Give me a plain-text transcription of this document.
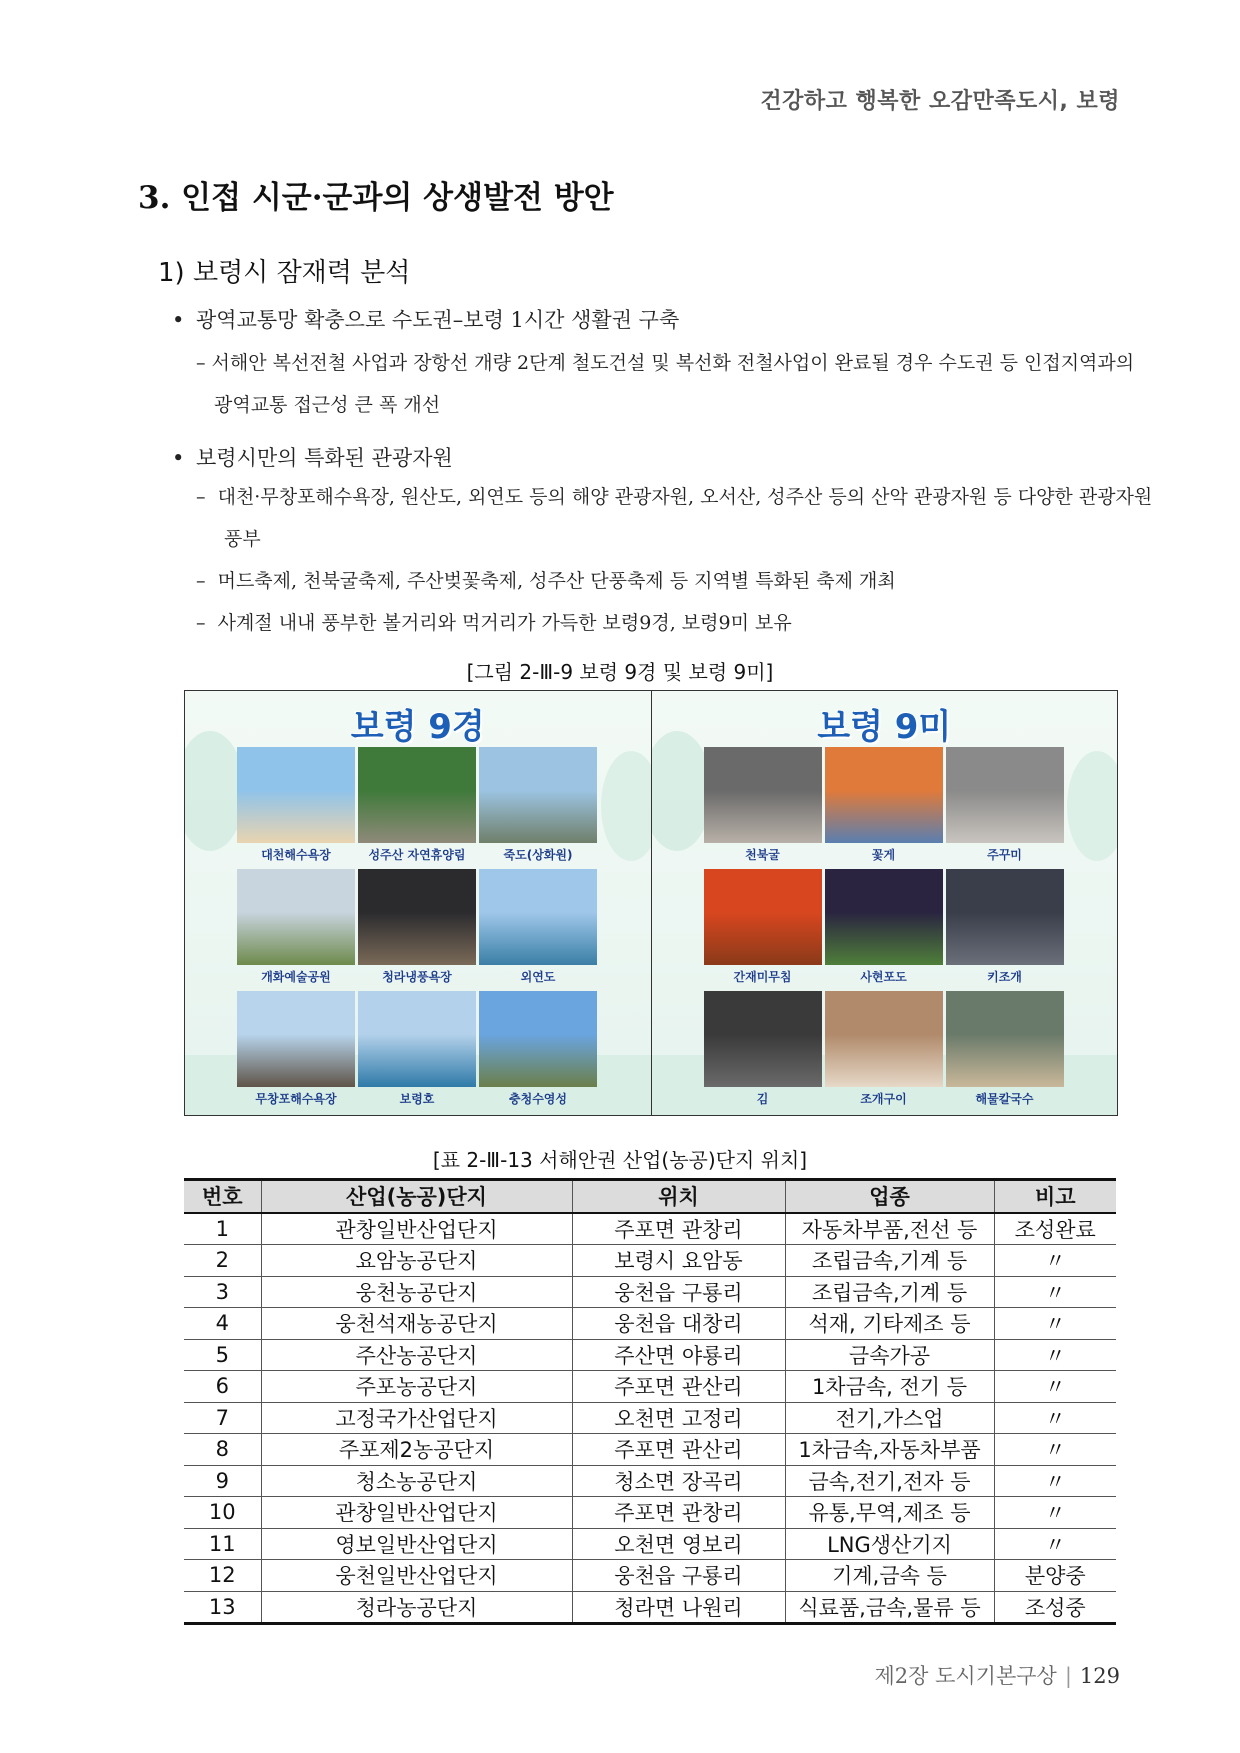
건강하고 행복한 오감만족도시, 보령
3. 인접 시군·군과의 상생발전 방안
1) 보령시 잠재력 분석
• 광역교통망 확충으로 수도권–보령 1시간 생활권 구축
– 서해안 복선전철 사업과 장항선 개량 2단계 철도건설 및 복선화 전철사업이 완료될 경우 수도권 등 인접지역과의 광역교통 접근성 큰 폭 개선
• 보령시만의 특화된 관광자원
– 대천·무창포해수욕장, 원산도, 외연도 등의 해양 관광자원, 오서산, 성주산 등의 산악 관광자원 등 다양한 관광자원 풍부
– 머드축제, 천북굴축제, 주산벚꽃축제, 성주산 단풍축제 등 지역별 특화된 축제 개최
– 사계절 내내 풍부한 볼거리와 먹거리가 가득한 보령9경, 보령9미 보유
[그림 2-Ⅲ-9 보령 9경 및 보령 9미]
보령 9경
대천해수욕장	성주산 자연휴양림	죽도(상화원)
개화예술공원	청라냉풍욕장	외연도
무창포해수욕장	보령호	충청수영성
보령 9미
천북굴	꽃게	주꾸미
간재미무침	사현포도	키조개
김	조개구이	해물칼국수
[표 2-Ⅲ-13 서해안권 산업(농공)단지 위치]
번호	산업(농공)단지	위치	업종	비고
1	관창일반산업단지	주포면 관창리	자동차부품,전선 등	조성완료
2	요암농공단지	보령시 요암동	조립금속,기계 등	〃
3	웅천농공단지	웅천읍 구룡리	조립금속,기계 등	〃
4	웅천석재농공단지	웅천읍 대창리	석재, 기타제조 등	〃
5	주산농공단지	주산면 야룡리	금속가공	〃
6	주포농공단지	주포면 관산리	1차금속, 전기 등	〃
7	고정국가산업단지	오천면 고정리	전기,가스업	〃
8	주포제2농공단지	주포면 관산리	1차금속,자동차부품	〃
9	청소농공단지	청소면 장곡리	금속,전기,전자 등	〃
10	관창일반산업단지	주포면 관창리	유통,무역,제조 등	〃
11	영보일반산업단지	오천면 영보리	LNG생산기지	〃
12	웅천일반산업단지	웅천읍 구룡리	기계,금속 등	분양중
13	청라농공단지	청라면 나원리	식료품,금속,물류 등	조성중
제2장 도시기본구상 | 129
